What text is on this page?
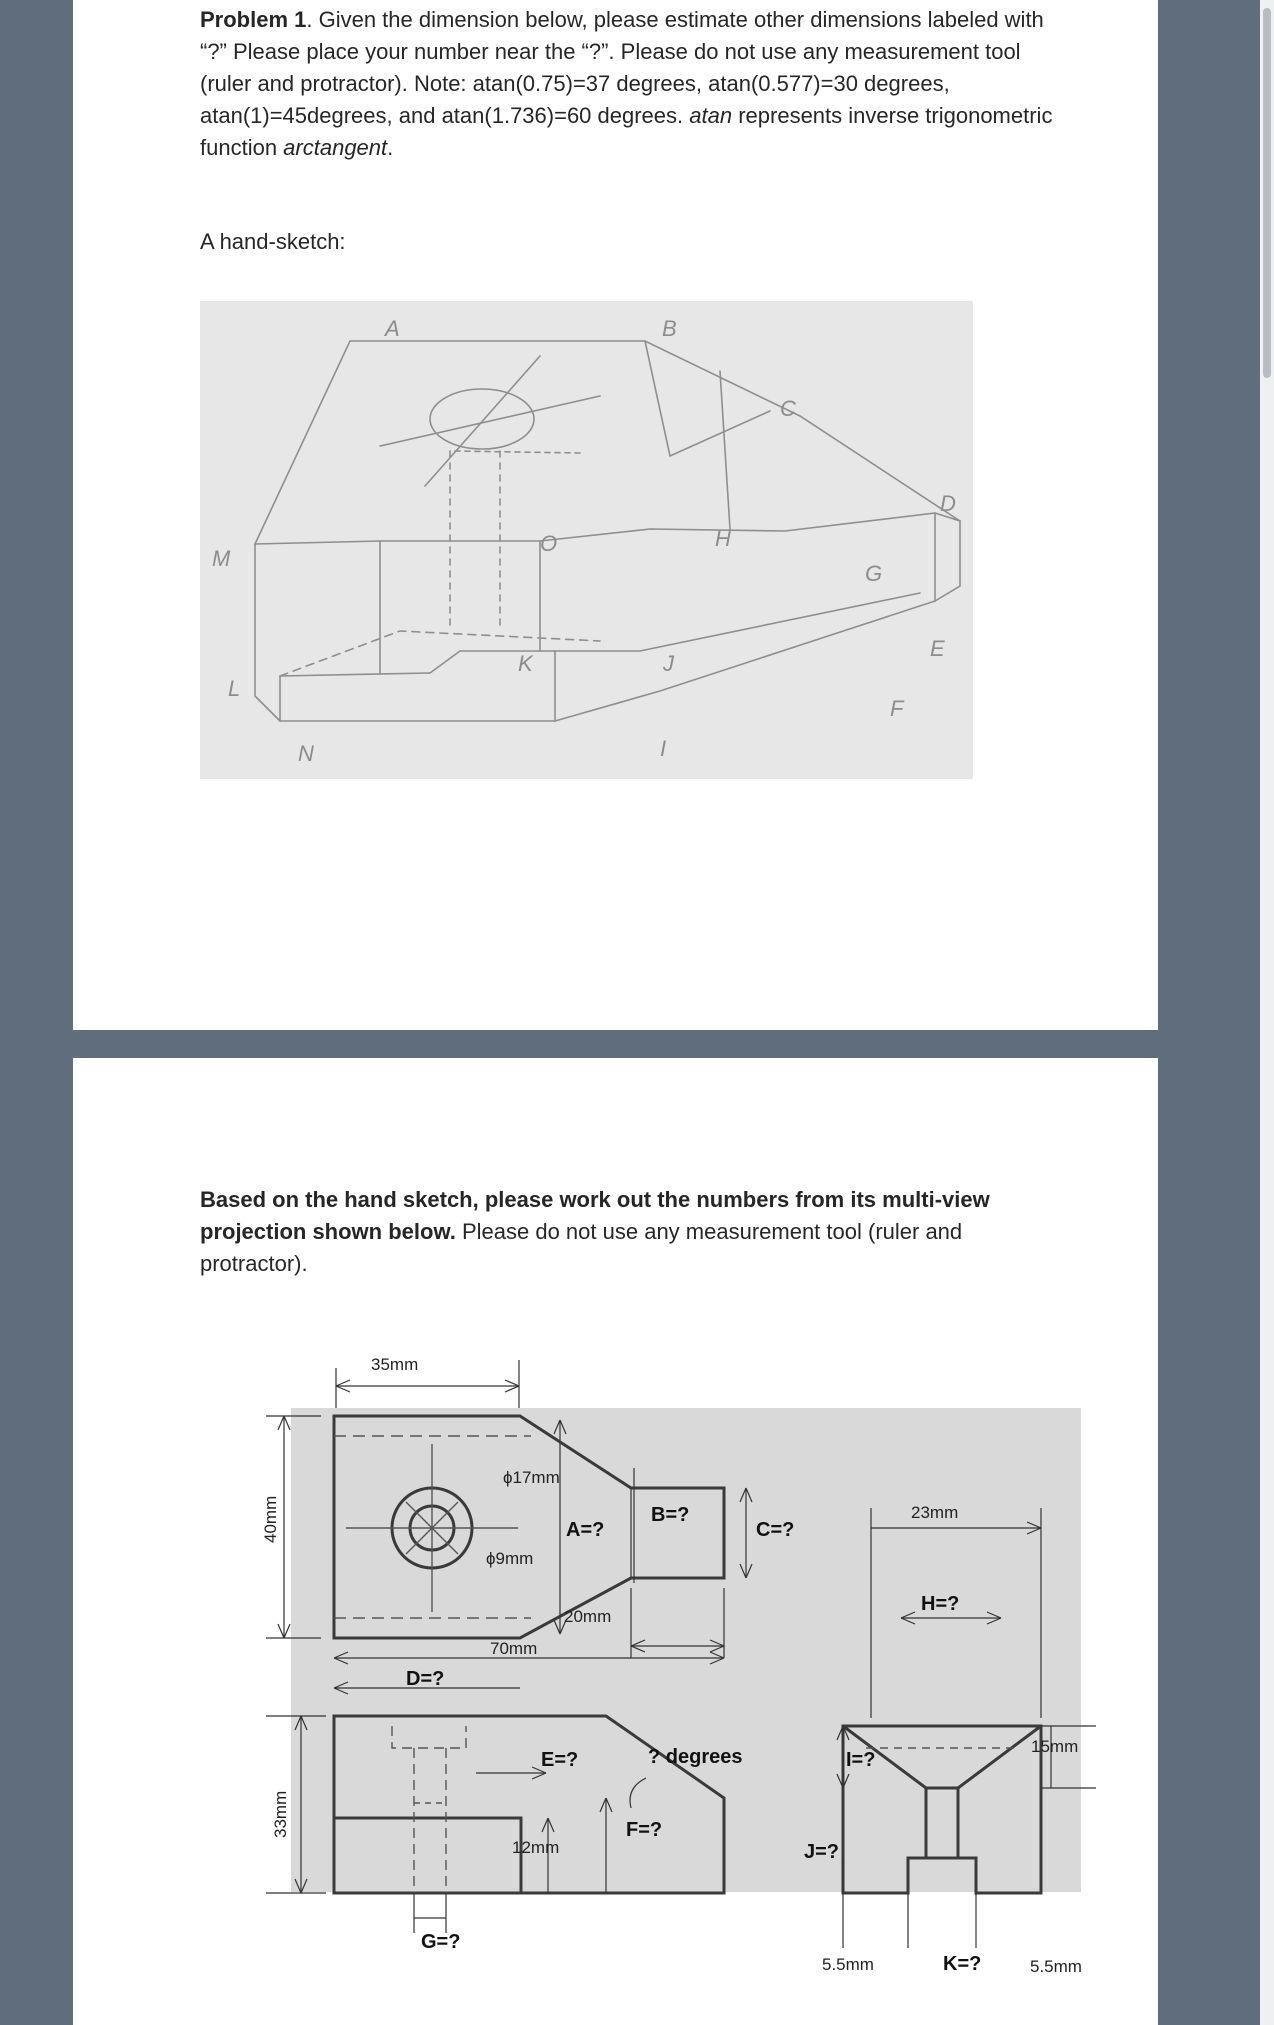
Problem 1. Given the dimension below, please estimate other dimensions labeled with “?” Please place your number near the “?”. Please do not use any measurement tool (ruler and protractor). Note: atan(0.75)=37 degrees, atan(0.577)=30 degrees, atan(1)=45degrees, and atan(1.736)=60 degrees. atan represents inverse trigonometric function arctangent.
A hand-sketch:
A	B
C
D
E
F
G
H
I
J
K
L
M
N
O
Based on the hand sketch, please work out the numbers from its multi-view projection shown below. Please do not use any measurement tool (ruler and protractor).
35mm
40mm
ϕ17mm
ϕ9mm
20mm
70mm
33mm
12mm
23mm
15mm
5.5mm	5.5mm
A=?
B=?
C=?
D=?
E=?	? degrees
F=?
G=?
H=?
I=?
J=?
K=?
